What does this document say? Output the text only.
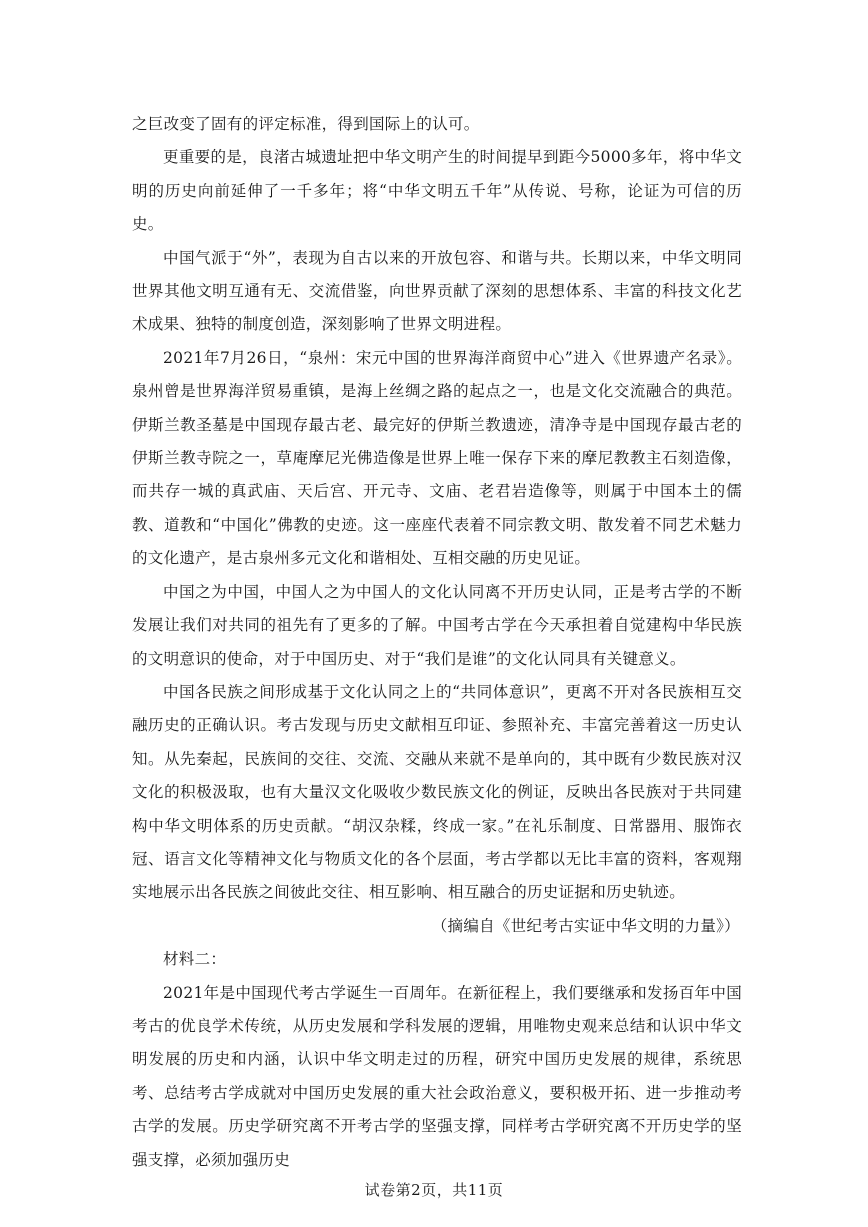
之巨改变了固有的评定标准，得到国际上的认可。

更重要的是，良渚古城遗址把中华文明产生的时间提早到距今5000多年，将中华文明的历史向前延伸了一千多年；将“中华文明五千年”从传说、号称，论证为可信的历史。

中国气派于“外”，表现为自古以来的开放包容、和谐与共。长期以来，中华文明同世界其他文明互通有无、交流借鉴，向世界贡献了深刻的思想体系、丰富的科技文化艺术成果、独特的制度创造，深刻影响了世界文明进程。

2021年7月26日，“泉州：宋元中国的世界海洋商贸中心”进入《世界遗产名录》。泉州曾是世界海洋贸易重镇，是海上丝绸之路的起点之一，也是文化交流融合的典范。伊斯兰教圣墓是中国现存最古老、最完好的伊斯兰教遗迹，清净寺是中国现存最古老的伊斯兰教寺院之一，草庵摩尼光佛造像是世界上唯一保存下来的摩尼教教主石刻造像，而共存一城的真武庙、天后宫、开元寺、文庙、老君岩造像等，则属于中国本土的儒教、道教和“中国化”佛教的史迹。这一座座代表着不同宗教文明、散发着不同艺术魅力的文化遗产，是古泉州多元文化和谐相处、互相交融的历史见证。

中国之为中国，中国人之为中国人的文化认同离不开历史认同，正是考古学的不断发展让我们对共同的祖先有了更多的了解。中国考古学在今天承担着自觉建构中华民族的文明意识的使命，对于中国历史、对于“我们是谁”的文化认同具有关键意义。

中国各民族之间形成基于文化认同之上的“共同体意识”，更离不开对各民族相互交融历史的正确认识。考古发现与历史文献相互印证、参照补充、丰富完善着这一历史认知。从先秦起，民族间的交往、交流、交融从来就不是单向的，其中既有少数民族对汉文化的积极汲取，也有大量汉文化吸收少数民族文化的例证，反映出各民族对于共同建构中华文明体系的历史贡献。“胡汉杂糅，终成一家。”在礼乐制度、日常器用、服饰衣冠、语言文化等精神文化与物质文化的各个层面，考古学都以无比丰富的资料，客观翔实地展示出各民族之间彼此交往、相互影响、相互融合的历史证据和历史轨迹。

（摘编自《世纪考古实证中华文明的力量》）

材料二：

2021年是中国现代考古学诞生一百周年。在新征程上，我们要继承和发扬百年中国考古的优良学术传统，从历史发展和学科发展的逻辑，用唯物史观来总结和认识中华文明发展的历史和内涵，认识中华文明走过的历程，研究中国历史发展的规律，系统思考、总结考古学成就对中国历史发展的重大社会政治意义，要积极开拓、进一步推动考古学的发展。历史学研究离不开考古学的坚强支撑，同样考古学研究离不开历史学的坚强支撑，必须加强历史

试卷第2页，共11页
